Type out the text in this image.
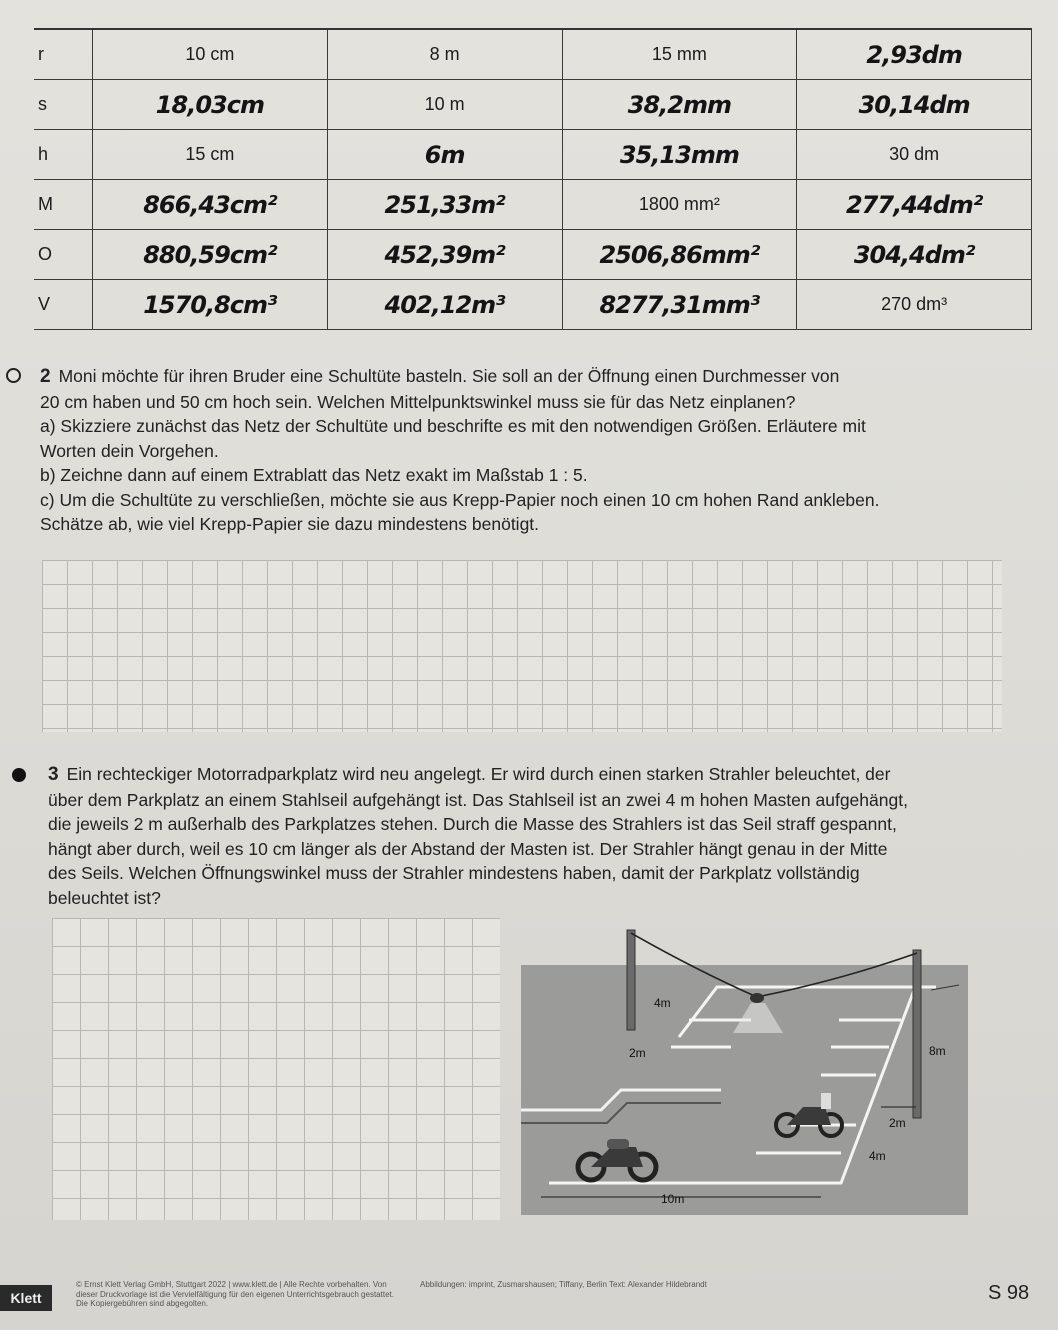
r	10 cm	8 m	15 mm	2,93dm
s	18,03cm	10 m	38,2mm	30,14dm
h	15 cm	6m	35,13mm	30 dm
M	866,43cm²	251,33m²	1800 mm²	277,44dm²
O	880,59cm²	452,39m²	2506,86mm²	304,4dm²
V	1570,8cm³	402,12m³	8277,31mm³	270 dm³
2 Moni möchte für ihren Bruder eine Schultüte basteln. Sie soll an der Öffnung einen Durchmesser von
20 cm haben und 50 cm hoch sein. Welchen Mittelpunktswinkel muss sie für das Netz einplanen?
a) Skizziere zunächst das Netz der Schultüte und beschrifte es mit den notwendigen Größen. Erläutere mit
Worten dein Vorgehen.
b) Zeichne dann auf einem Extrablatt das Netz exakt im Maßstab 1 : 5.
c) Um die Schultüte zu verschließen, möchte sie aus Krepp-Papier noch einen 10 cm hohen Rand ankleben.
Schätze ab, wie viel Krepp-Papier sie dazu mindestens benötigt.
3 Ein rechteckiger Motorradparkplatz wird neu angelegt. Er wird durch einen starken Strahler beleuchtet, der
über dem Parkplatz an einem Stahlseil aufgehängt ist. Das Stahlseil ist an zwei 4 m hohen Masten aufgehängt,
die jeweils 2 m außerhalb des Parkplatzes stehen. Durch die Masse des Strahlers ist das Seil straff gespannt,
hängt aber durch, weil es 10 cm länger als der Abstand der Masten ist. Der Strahler hängt genau in der Mitte
des Seils. Welchen Öffnungswinkel muss der Strahler mindestens haben, damit der Parkplatz vollständig
beleuchtet ist?
4m
2m	8m
2m
4m
10m
Klett
© Ernst Klett Verlag GmbH, Stuttgart 2022 | www.klett.de | Alle Rechte vorbehalten. Von dieser Druckvorlage ist die Vervielfältigung für den eigenen Unterrichtsgebrauch gestattet. Die Kopiergebühren sind abgegolten.
Abbildungen: imprint, Zusmarshausen; Tiffany, Berlin Text: Alexander Hildebrandt	S 98
